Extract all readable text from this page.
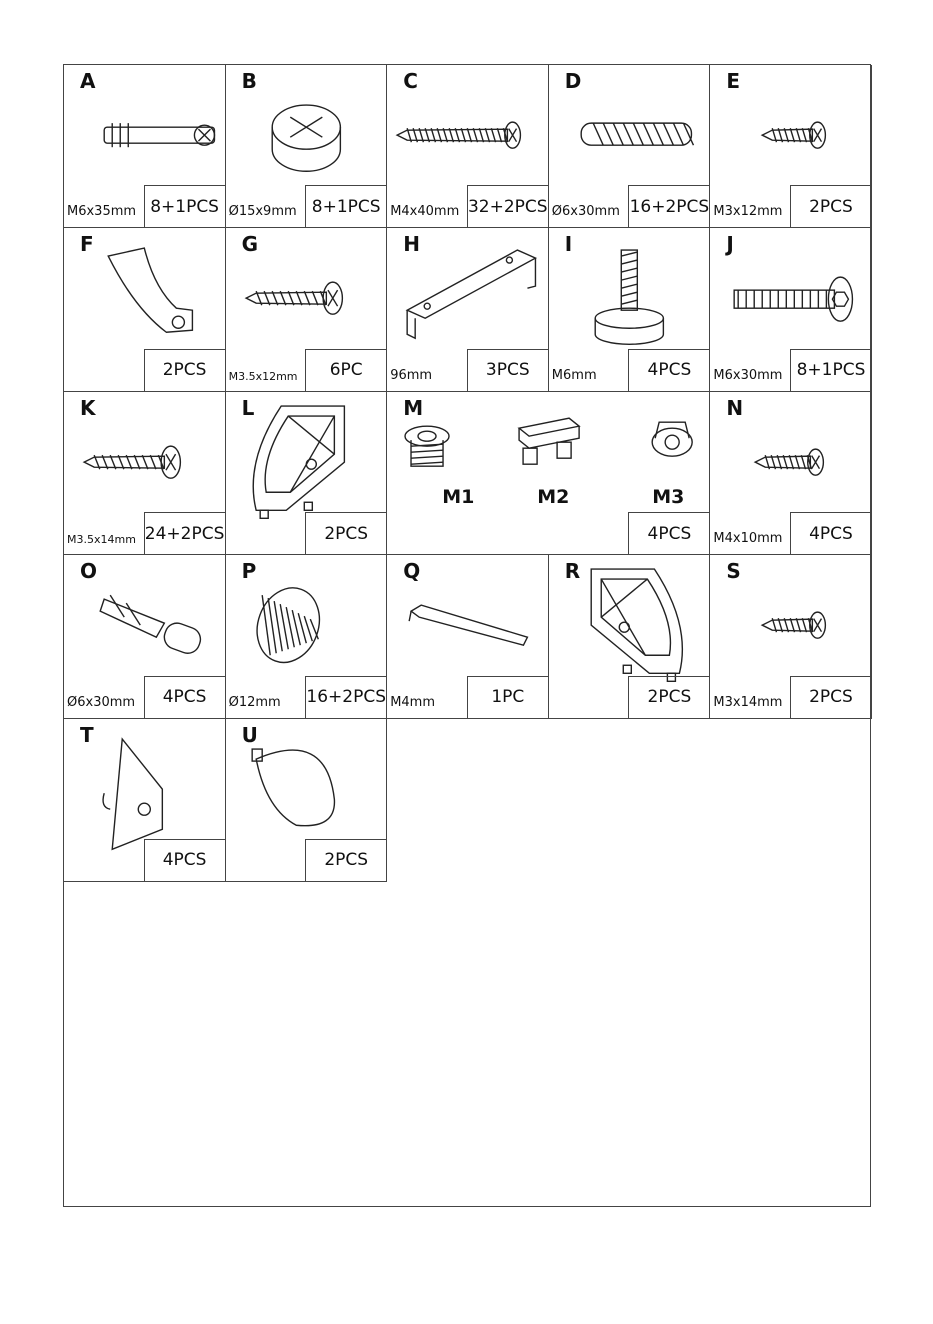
A
M6x35mm 8+1PCS
B
Ø15x9mm 8+1PCS
C
M4x40mm 32+2PCS
D
Ø6x30mm 16+2PCS
E
M3x12mm	2PCS
F
2PCS
G
M3.5x12mm	6PC
H
96mm	3PCS
I
M6mm	4PCS
J
M6x30mm 8+1PCS
K
M3.5x14mm 24+2PCS
L
2PCS
M
M1	M2	M3
4PCS
N
M4x10mm	4PCS
O
Ø6x30mm	4PCS
P
Ø12mm 16+2PCS
Q
M4mm	1PC
R
2PCS
S
M3x14mm	2PCS
T
4PCS
U
2PCS
